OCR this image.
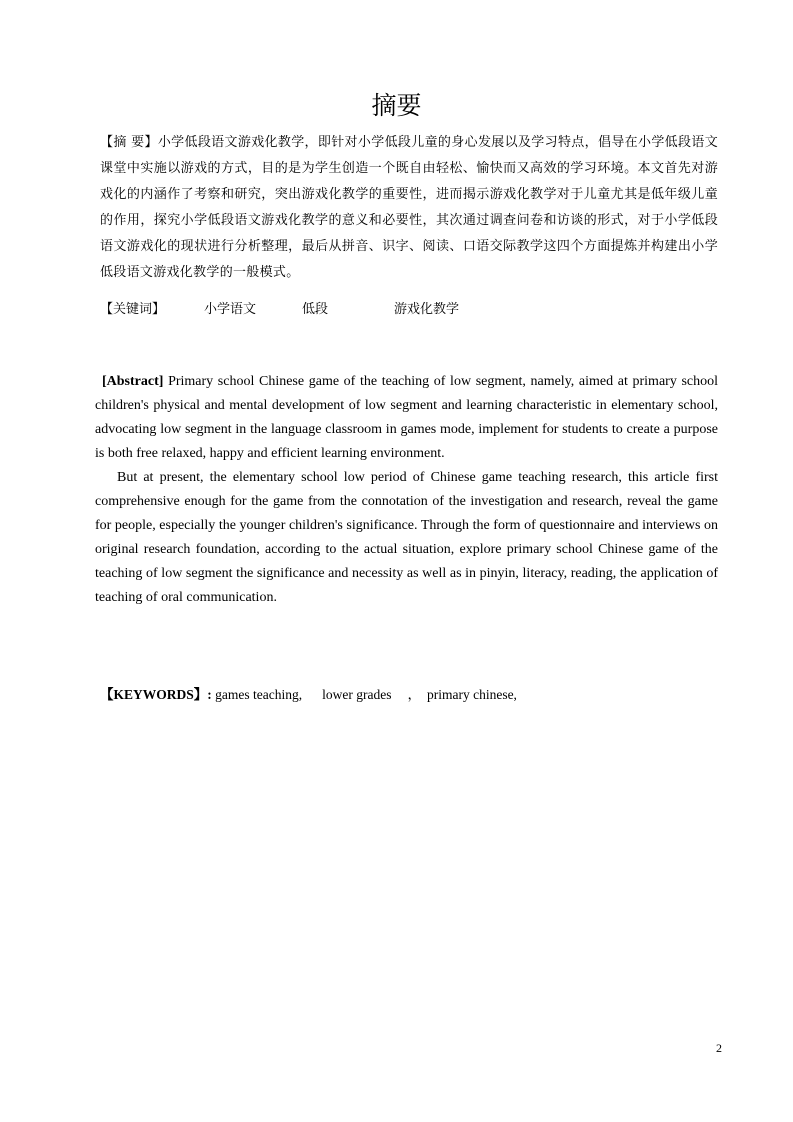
摘要
【摘 要】小学低段语文游戏化教学，即针对小学低段儿童的身心发展以及学习特点，倡导在小学低段语文课堂中实施以游戏的方式，目的是为学生创造一个既自由轻松、愉快而又高效的学习环境。本文首先对游戏化的内涵作了考察和研究，突出游戏化教学的重要性，进而揭示游戏化教学对于儿童尤其是低年级儿童的作用，探究小学低段语文游戏化教学的意义和必要性，其次通过调查问卷和访谈的形式，对于小学低段语文游戏化的现状进行分析整理，最后从拼音、识字、阅读、口语交际教学这四个方面提炼并构建出小学低段语文游戏化教学的一般模式。
【关键词】	小学语文	低段	游戏化教学

[Abstract] Primary school Chinese game of the teaching of low segment, namely, aimed at primary school children's physical and mental development of low segment and learning characteristic in elementary school, advocating low segment in the language classroom in games mode, implement for students to create a purpose is both free relaxed, happy and efficient learning environment.

But at present, the elementary school low period of Chinese game teaching research, this article first comprehensive enough for the game from the connotation of the investigation and research, reveal the game for people, especially the younger children's significance. Through the form of questionnaire and interviews on original research foundation, according to the actual situation, explore primary school Chinese game of the teaching of low segment the significance and necessity as well as in pinyin, literacy, reading, the application of teaching of oral communication.

【KEYWORDS】: games teaching, lower grades ， primary chinese,
2
